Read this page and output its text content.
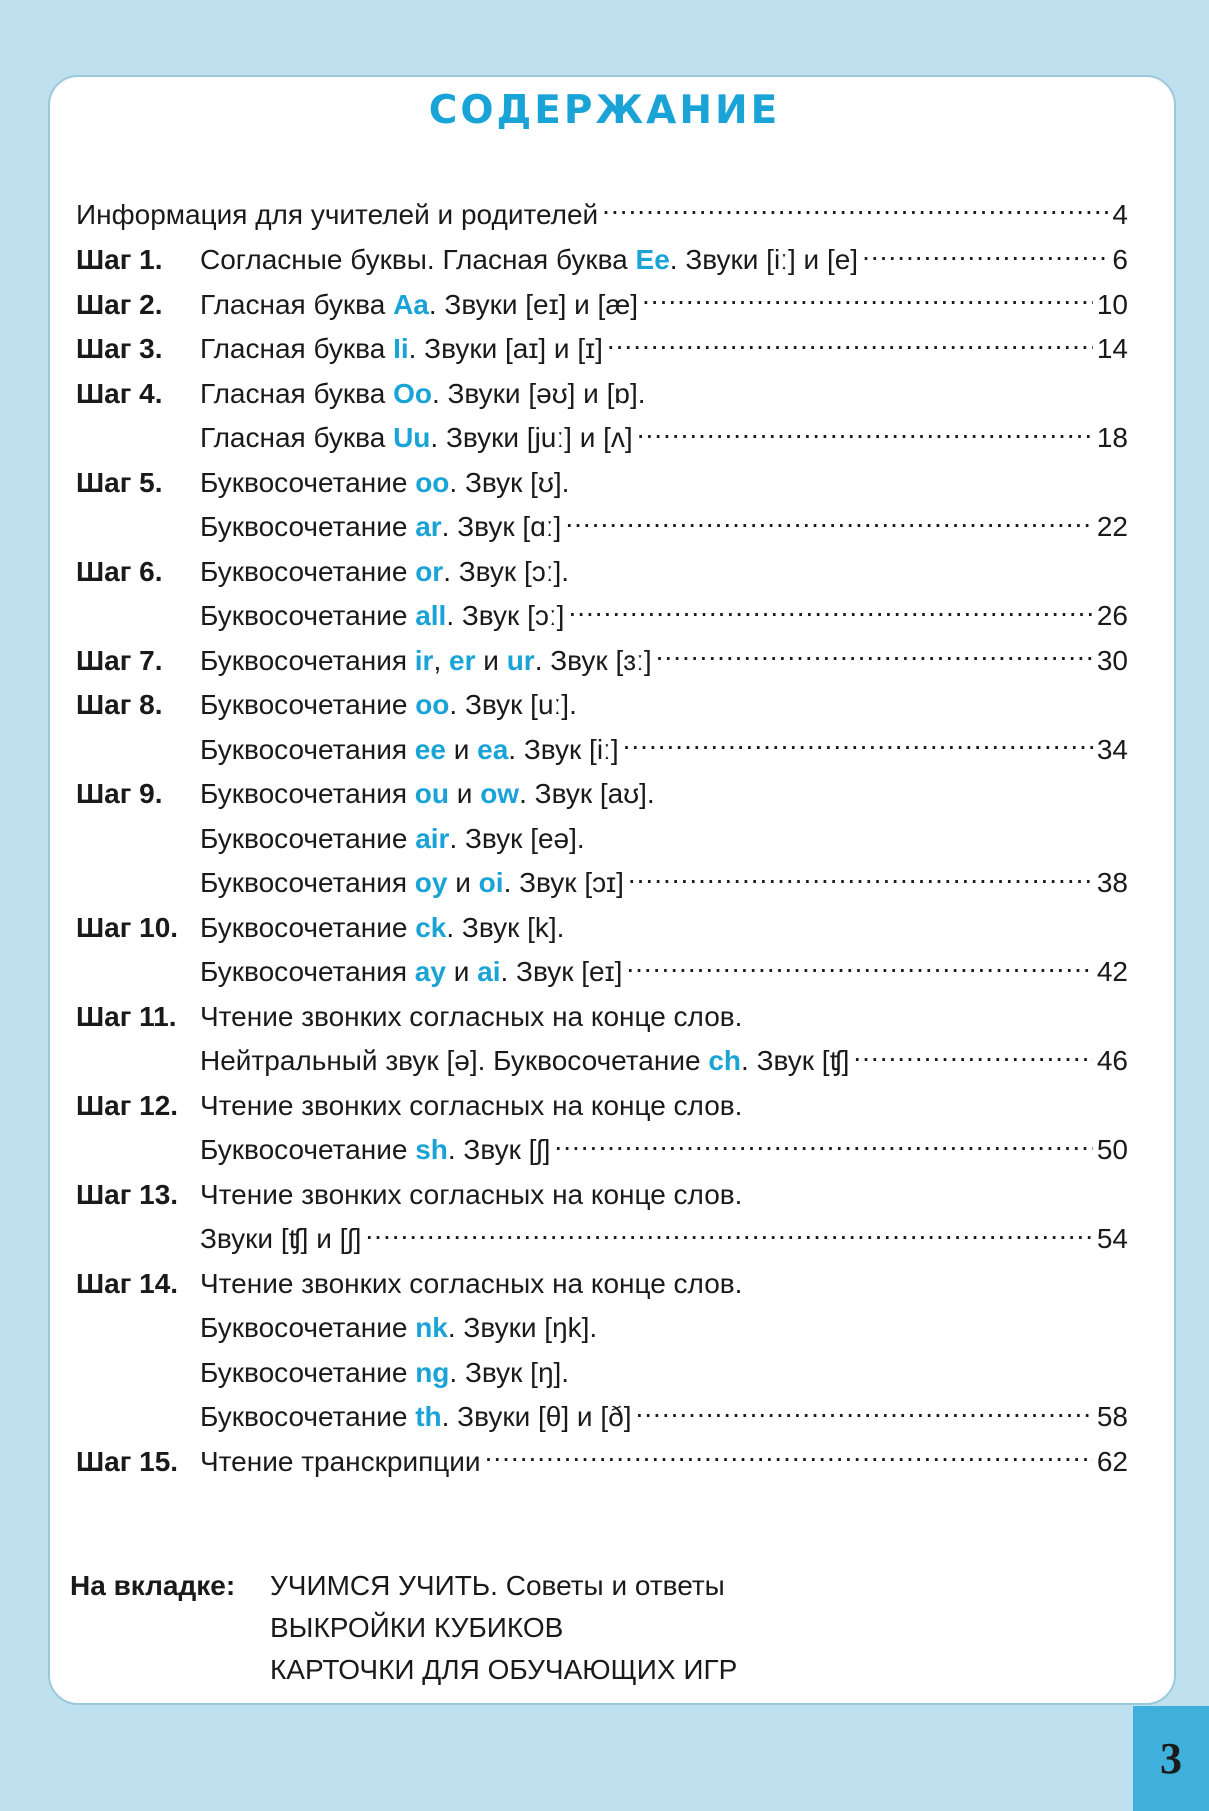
СОДЕРЖАНИЕ
Информация для учителей и родителей .....	4
Шаг 1.	Согласные буквы. Гласная буква Ee. Звуки [iː] и [e] .....	6
Шаг 2.	Гласная буква Aa. Звуки [eɪ] и [æ] .....	10
Шаг 3.	Гласная буква Ii. Звуки [aɪ] и [ɪ] .....	14
Шаг 4.	Гласная буква Oo. Звуки [əʊ] и [ɒ].
Гласная буква Uu. Звуки [juː] и [ʌ] .....	18
Шаг 5.	Буквосочетание oo. Звук [ʊ].
Буквосочетание ar. Звук [ɑː] .....	22
Шаг 6.	Буквосочетание or. Звук [ɔː].
Буквосочетание all. Звук [ɔː] .....	26
Шаг 7.	Буквосочетания ir, er и ur. Звук [ɜː] .....	30
Шаг 8.	Буквосочетание oo. Звук [uː].
Буквосочетания ee и ea. Звук [iː] .....	34
Шаг 9.	Буквосочетания ou и ow. Звук [aʊ].
Буквосочетание air. Звук [eə].
Буквосочетания oy и oi. Звук [ɔɪ] .....	38
Шаг 10. Буквосочетание ck. Звук [k].
Буквосочетания ay и ai. Звук [eɪ] .....	42
Шаг 11. Чтение звонких согласных на конце слов.
Нейтральный звук [ə]. Буквосочетание ch. Звук [ʧ] .....	46
Шаг 12. Чтение звонких согласных на конце слов.
Буквосочетание sh. Звук [ʃ] .....	50
Шаг 13. Чтение звонких согласных на конце слов.
Звуки [ʧ] и [ʃ] .....	54
Шаг 14. Чтение звонких согласных на конце слов.
Буквосочетание nk. Звуки [ŋk].
Буквосочетание ng. Звук [ŋ].
Буквосочетание th. Звуки [θ] и [ð] .....	58
Шаг 15. Чтение транскрипции .....	62
На вкладке: УЧИМСЯ УЧИТЬ. Советы и ответы
ВЫКРОЙКИ КУБИКОВ
КАРТОЧКИ ДЛЯ ОБУЧАЮЩИХ ИГР
3
